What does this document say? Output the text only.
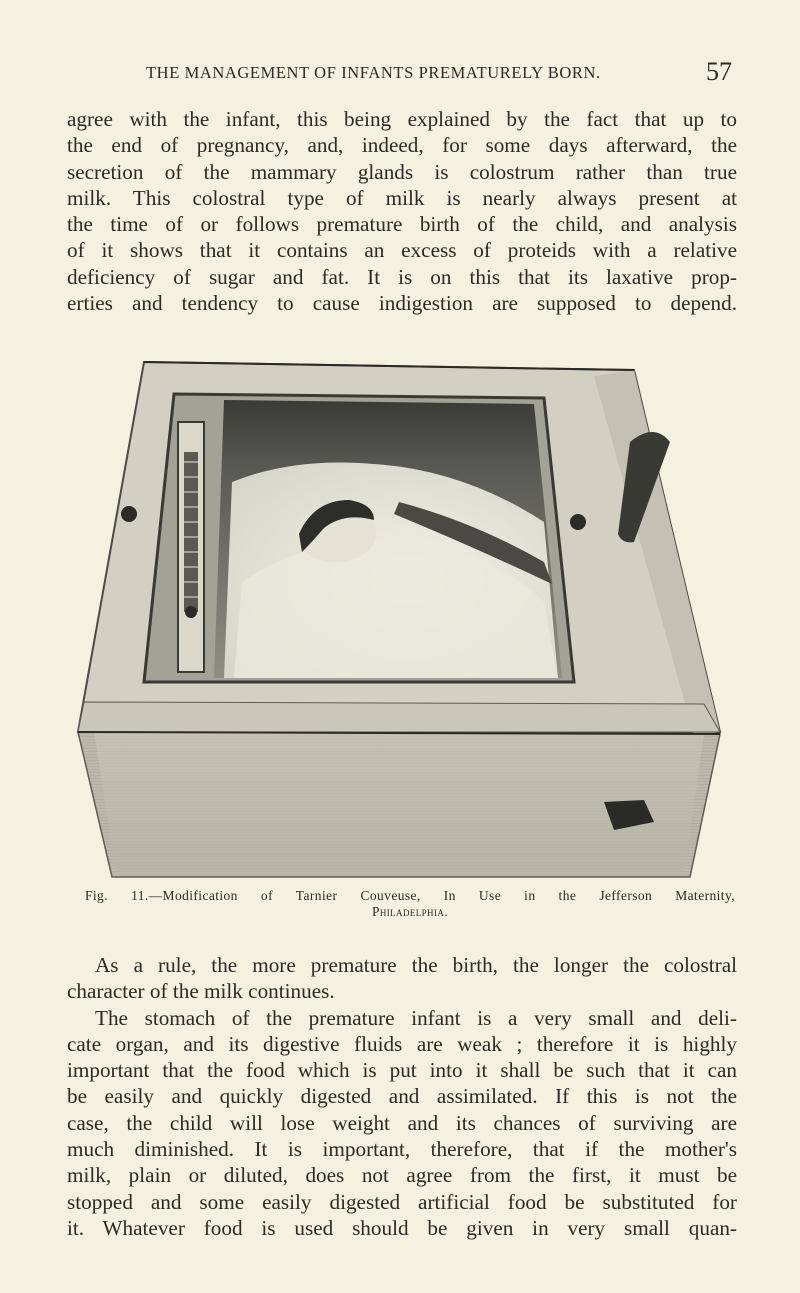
THE MANAGEMENT OF INFANTS PREMATURELY BORN.	57

agree with the infant, this being explained by the fact that up to
the end of pregnancy, and, indeed, for some days afterward, the
secretion of the mammary glands is colostrum rather than true
milk. This colostral type of milk is nearly always present at
the time of or follows premature birth of the child, and analysis
of it shows that it contains an excess of proteids with a relative
deficiency of sugar and fat. It is on this that its laxative prop-
erties and tendency to cause indigestion are supposed to depend.

Fig. 11.—Modification of Tarnier Couveuse, In Use in the Jefferson Maternity,
Philadelphia.

As a rule, the more premature the birth, the longer the colostral
character of the milk continues.
The stomach of the premature infant is a very small and deli-
cate organ, and its digestive fluids are weak ; therefore it is highly
important that the food which is put into it shall be such that it can
be easily and quickly digested and assimilated. If this is not the
case, the child will lose weight and its chances of surviving are
much diminished. It is important, therefore, that if the mother's
milk, plain or diluted, does not agree from the first, it must be
stopped and some easily digested artificial food be substituted for
it. Whatever food is used should be given in very small quan-
